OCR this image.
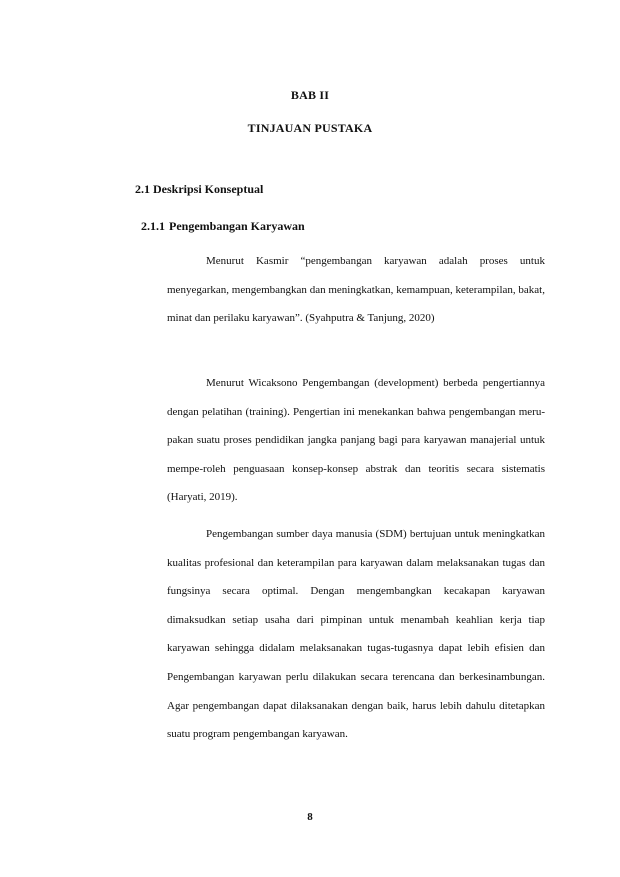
BAB II
TINJAUAN PUSTAKA
2.1 Deskripsi Konseptual
2.1.1 Pengembangan Karyawan

Menurut Kasmir “pengembangan karyawan adalah proses untuk menyegarkan, mengembangkan dan meningkatkan, kemampuan, keterampilan, bakat, minat dan perilaku karyawan”. (Syahputra & Tanjung, 2020)

Menurut Wicaksono Pengembangan (development) berbeda pengertiannya dengan pelatihan (training). Pengertian ini menekankan bahwa pengembangan meru-pakan suatu proses pendidikan jangka panjang bagi para karyawan manajerial untuk mempe-roleh penguasaan konsep-konsep abstrak dan teoritis secara sistematis (Haryati, 2019).

Pengembangan sumber daya manusia (SDM) bertujuan untuk meningkatkan kualitas profesional dan keterampilan para karyawan dalam melaksanakan tugas dan fungsinya secara optimal. Dengan mengembangkan kecakapan karyawan dimaksudkan setiap usaha dari pimpinan untuk menambah keahlian kerja tiap karyawan sehingga didalam melaksanakan tugas-tugasnya dapat lebih efisien dan Pengembangan karyawan perlu dilakukan secara terencana dan berkesinambungan. Agar pengembangan dapat dilaksanakan dengan baik, harus lebih dahulu ditetapkan suatu program pengembangan karyawan.

8
